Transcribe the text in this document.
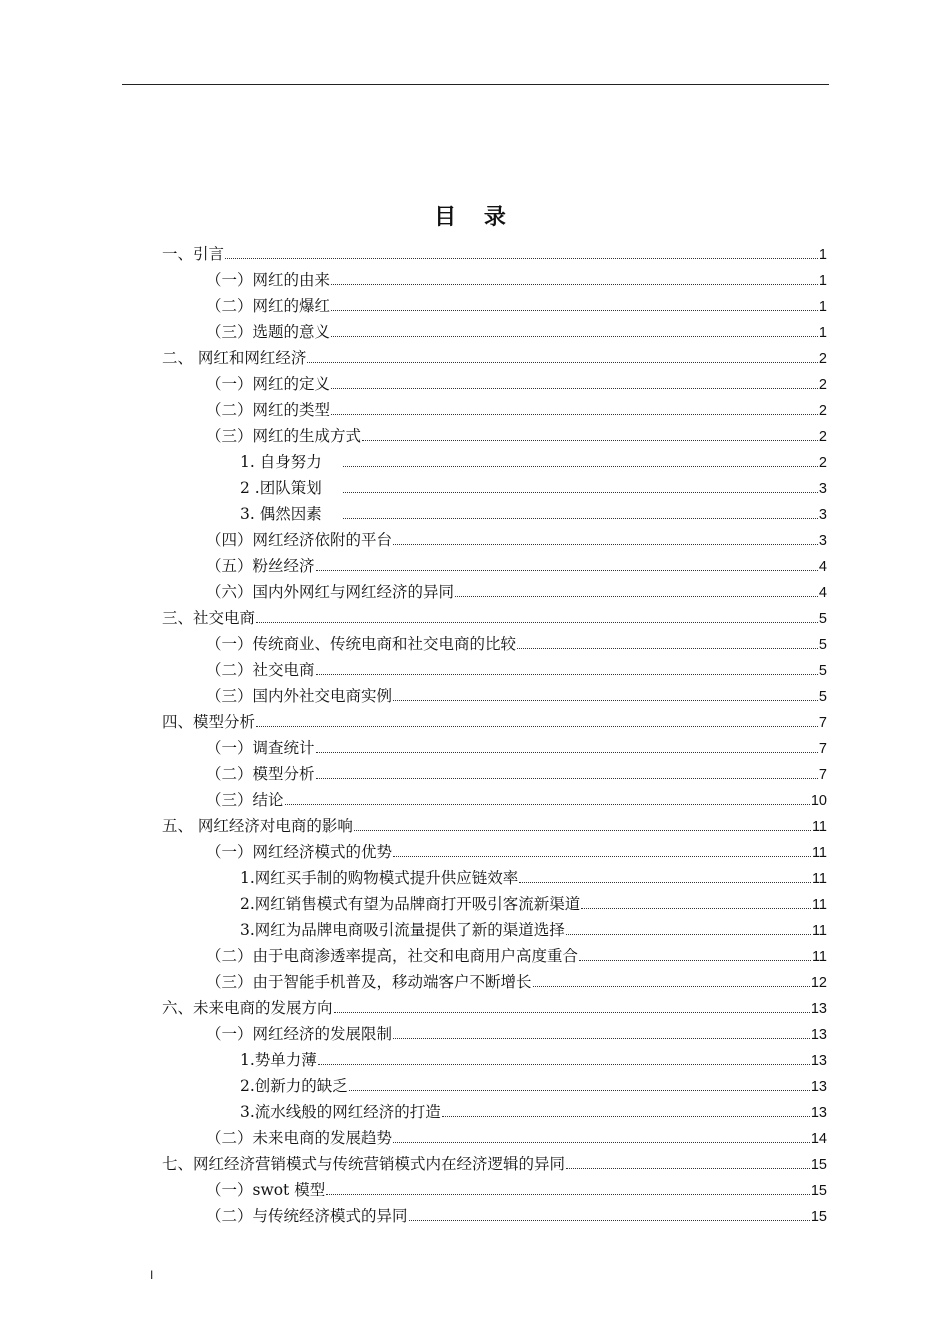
目 录
一、引言	1
（一）网红的由来	1
（二）网红的爆红	1
（三）选题的意义	1
二、 网红和网红经济	2
（一）网红的定义	2
（二）网红的类型	2
（三）网红的生成方式	2
1. 自身努力	2
2 .团队策划	3
3. 偶然因素	3
（四）网红经济依附的平台	3
（五）粉丝经济	4
（六）国内外网红与网红经济的异同	4
三、社交电商	5
（一）传统商业、传统电商和社交电商的比较	5
（二）社交电商	5
（三）国内外社交电商实例	5
四、模型分析	7
（一）调查统计	7
（二）模型分析	7
（三）结论	10
五、 网红经济对电商的影响	11
（一）网红经济模式的优势	11
1.网红买手制的购物模式提升供应链效率	11
2.网红销售模式有望为品牌商打开吸引客流新渠道	11
3.网红为品牌电商吸引流量提供了新的渠道选择	11
（二）由于电商渗透率提高，社交和电商用户高度重合	11
（三）由于智能手机普及，移动端客户不断增长	12
六、未来电商的发展方向	13
（一）网红经济的发展限制	13
1.势单力薄	13
2.创新力的缺乏	13
3.流水线般的网红经济的打造	13
（二）未来电商的发展趋势	14
七、网红经济营销模式与传统营销模式内在经济逻辑的异同	15
（一）swot 模型	15
（二）与传统经济模式的异同	15
I
